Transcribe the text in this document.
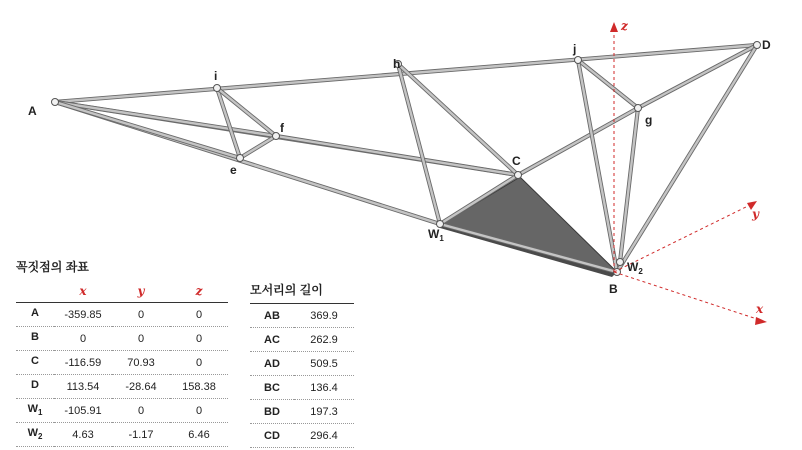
z
y
x
A
B
C
D
e
f
g
h
i
j
$W_1$
$W_2$
꼭짓점의 좌표
	x	y	z
A	-359.85	0	0
B	0	0	0
C	-116.59	70.93	0
D	113.54	-28.64	158.38
$W_1$	-105.91	0	0
$W_2$	4.63	-1.17	6.46
모서리의 길이
AB	369.9
AC	262.9
AD	509.5
BC	136.4
BD	197.3
CD	296.4
